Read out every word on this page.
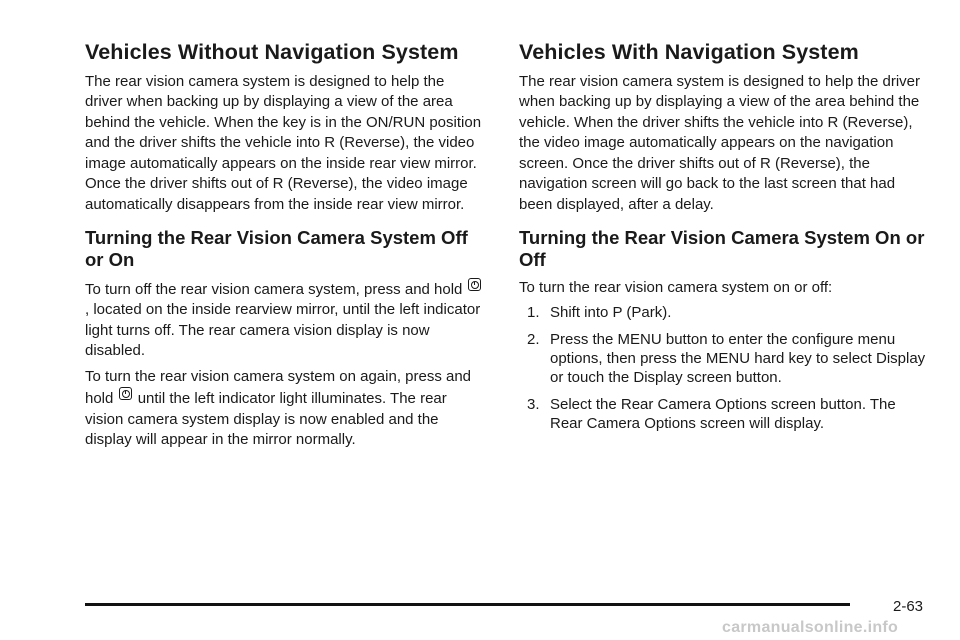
Vehicles Without Navigation System

The rear vision camera system is designed to help the driver when backing up by displaying a view of the area behind the vehicle. When the key is in the ON/RUN position and the driver shifts the vehicle into R (Reverse), the video image automatically appears on the inside rear view mirror. Once the driver shifts out of R (Reverse), the video image automatically disappears from the inside rear view mirror.

Turning the Rear Vision Camera System Off or On

To turn off the rear vision camera system, press and hold , located on the inside rearview mirror, until the left indicator light turns off. The rear camera vision display is now disabled.

To turn the rear vision camera system on again, press and hold  until the left indicator light illuminates. The rear vision camera system display is now enabled and the display will appear in the mirror normally.

Vehicles With Navigation System

The rear vision camera system is designed to help the driver when backing up by displaying a view of the area behind the vehicle. When the driver shifts the vehicle into R (Reverse), the video image automatically appears on the navigation screen. Once the driver shifts out of R (Reverse), the navigation screen will go back to the last screen that had been displayed, after a delay.

Turning the Rear Vision Camera System On or Off

To turn the rear vision camera system on or off:

1. Shift into P (Park).
2. Press the MENU button to enter the configure menu options, then press the MENU hard key to select Display or touch the Display screen button.
3. Select the Rear Camera Options screen button. The Rear Camera Options screen will display.
2-63
carmanualsonline.info
